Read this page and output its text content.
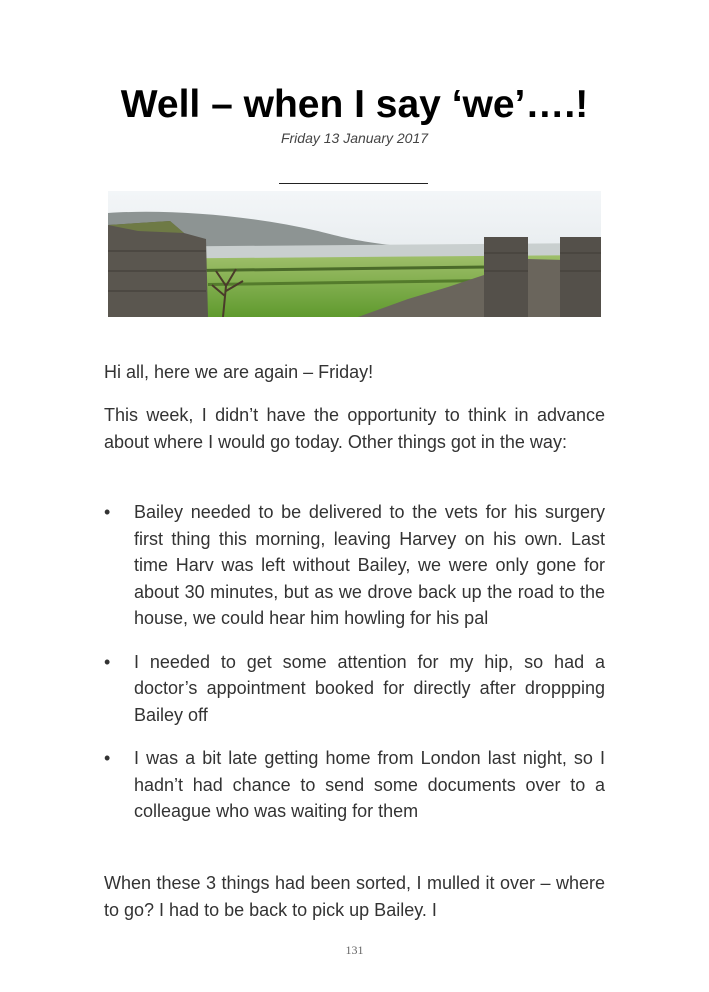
Well – when I say ‘we’….!
Friday 13 January 2017

Hi all, here we are again – Friday!

This week, I didn’t have the opportunity to think in advance about where I would go today. Other things got in the way:

• Bailey needed to be delivered to the vets for his surgery first thing this morning, leaving Harvey on his own. Last time Harv was left without Bailey, we were only gone for about 30 minutes, but as we drove back up the road to the house, we could hear him howling for his pal
• I needed to get some attention for my hip, so had a doctor’s appointment booked for directly after droppping Bailey off
• I was a bit late getting home from London last night, so I hadn’t had chance to send some documents over to a colleague who was waiting for them

When these 3 things had been sorted, I mulled it over – where to go? I had to be back to pick up Bailey. I

131
